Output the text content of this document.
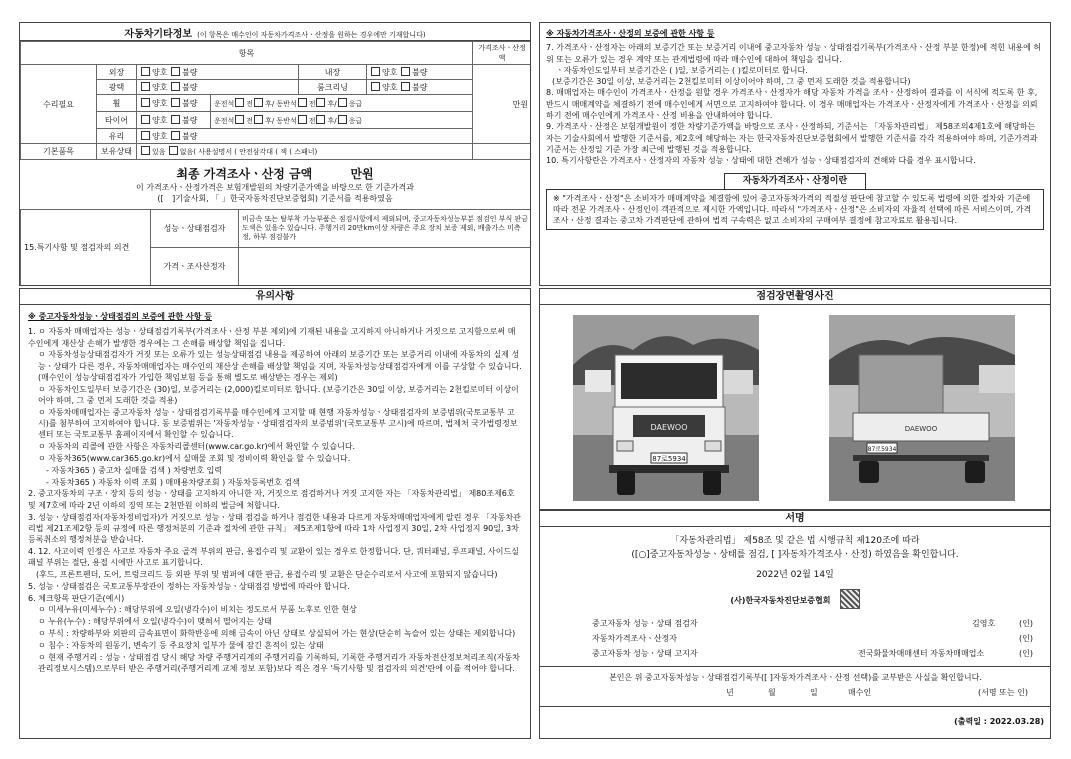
자동차기타정보 (이 항목은 매수인이 자동차가격조사ㆍ산정을 원하는 경우에만 기재합니다)
항목						가격조사ㆍ산정액
수리필요	외장	양호 불량		내장	양호 불량	만원
	광택	양호 불량		룸크리닝	양호 불량	
	휠	양호 불량	운전석 전 후/ 동반석 전 후/ 응급			
	타이어	양호 불량	운전석 전 후/ 동반석 전 후/ 응급			
	유리	양호 불량				
기본품목	보유상태	있음 없음( 사용설명서 ( 안전삼각대 ( 잭 ( 스패너)				
최종 가격조사ㆍ산정 금액	만원
이 가격조사ㆍ산정가격은 보험개발원의 차량기준가액을 바탕으로 한 기준가격과
([ ]기술사회, 「 」한국자동차진단보증협회) 기준서를 적용하였음
15.특기사항 및 점검자의 의견	성능ㆍ상태점검자	비금속 또는 탈부착 가능부품은 점검사항에서 제외되며, 중고자동차성능부분 점검인 부식 판금 도색은 있을수 있습니다. 주행거리 20만km이상 차량은 주요 장치 보증 제외, 배출가스 미측정, 하부 점검불가
	가격ㆍ조사산정자	
※ 자동차가격조사ㆍ산정의 보증에 관한 사항 등
7. 가격조사ㆍ산정자는 아래의 보증기간 또는 보증거리 이내에 중고자동차 성능ㆍ상태점검기록부(가격조사ㆍ산정 부분 한정)에 적힌 내용에 허위 또는 오류가 있는 경우 계약 또는 관계법령에 따라 매수인에 대하여 책임을 집니다.
ㆍ자동차인도일부터 보증기간은 ( )일, 보증거리는 ( )킬로미터로 합니다.
(보증기간은 30일 이상, 보증거리는 2천킬로미터 이상이어야 하며, 그 중 먼저 도래한 것을 적용합니다)
8. 매매업자는 매수인이 가격조사ㆍ산정을 원할 경우 가격조사ㆍ산정자가 해당 자동차 가격을 조사ㆍ산정하여 결과를 이 서식에 적도록 한 후, 반드시 매매계약을 체결하기 전에 매수인에게 서면으로 고지하여야 합니다. 이 경우 매매업자는 가격조사ㆍ산정자에게 가격조사ㆍ산정을 의뢰하기 전에 매수인에게 가격조사ㆍ산정 비용을 안내하여야 합니다.
9. 가격조사ㆍ산정은 보험개발원이 정한 차량기준가액을 바탕으로 조사ㆍ산정하되, 기준서는 「자동차관리법」 제58조의4제1호에 해당하는 자는 기술사회에서 발행한 기준서를, 제2호에 해당하는 자는 한국자동차진단보증협회에서 발행한 기준서를 각각 적용하여야 하며, 기준가격과 기준서는 산정일 기준 가장 최근에 발행된 것을 적용합니다.
10. 특기사항란은 가격조사ㆍ산정자의 자동차 성능ㆍ상태에 대한 견해가 성능ㆍ상태점검자의 견해와 다를 경우 표시합니다.
자동차가격조사ㆍ산정이란
※ "가격조사ㆍ산정"은 소비자가 매매계약을 체결함에 있어 중고자동차가격의 적절성 판단에 참고할 수 있도록 법령에 의한 절차와 기준에 따라 전문 가격조사ㆍ산정인이 객관적으로 제시한 가액입니다. 따라서 "가격조사ㆍ산정"은 소비자의 자율적 선택에 따른 서비스이며, 가격조사ㆍ산정 결과는 중고차 가격판단에 관하여 법적 구속력은 없고 소비자의 구매여부 결정에 참고자료로 활용됩니다.
유의사항
※ 중고자동차성능ㆍ상태점검의 보증에 관한 사항 등
1. ㅇ 자동차 매매업자는 성능ㆍ상태점검기록부(가격조사ㆍ산정 부분 제외)에 기재된 내용을 고지하지 아니하거나 거짓으로 고지함으로써 매수인에게 재산상 손해가 발생한 경우에는 그 손해를 배상할 책임을 집니다.
ㅇ 자동차성능상태점검자가 거짓 또는 오류가 있는 성능상태점검 내용을 제공하여 아래의 보증기간 또는 보증거리 이내에 자동차의 실제 성능ㆍ상태가 다른 경우, 자동차매매업자는 매수인의 재산상 손해를 배상할 책임을 지며, 자동차성능상태점검자에게 이를 구상할 수 있습니다. (매수인이 성능상태점검자가 가입한 책임보험 등을 통해 별도로 배상받는 경우는 제외)
ㅇ 자동차인도일부터 보증기간은 (30)일, 보증거리는 (2,000)킬로미터로 합니다. (보증기간은 30일 이상, 보증거리는 2천킬로미터 이상이어야 하며, 그 중 먼저 도래한 것을 적용)
ㅇ 자동차매매업자는 중고자동차 성능ㆍ상태점검기록부를 매수인에게 고지할 때 현행 자동차성능ㆍ상태점검자의 보증범위(국토교통부 고시)를 첨부하여 고지하여야 합니다. 동 보증범위는 '자동차성능ㆍ상태점검자의 보증범위'(국토교통부 고시)에 따르며, 법제처 국가법령정보센터 또는 국토교통부 홈페이지에서 확인할 수 있습니다.
ㅇ 자동차의 리콜에 관한 사항은 자동차리콜센터(www.car.go.kr)에서 확인할 수 있습니다.
ㅇ 자동차365(www.car365.go.kr)에서 실매물 조회 및 정비이력 확인을 할 수 있습니다.
- 자동차365 ) 중고차 실매물 검색 ) 차량번호 입력
- 자동차365 ) 자동차 이력 조회 ) 매매용차량조회 ) 자동차등록번호 검색
2. 중고자동차의 구조ㆍ장치 등의 성능ㆍ상태를 고지하지 아니한 자, 거짓으로 점검하거나 거짓 고지한 자는 「자동차관리법」 제80조제6호 및 제7호에 따라 2년 이하의 징역 또는 2천만원 이하의 벌금에 처합니다.
3. 성능ㆍ상태점검자(자동차정비업자)가 거짓으로 성능ㆍ상태 점검을 하거나 점검한 내용과 다르게 자동차매매업자에게 알린 경우 「자동차관리법 제21조제2항 등의 규정에 따른 행정처분의 기준과 절차에 관한 규칙」 제5조제1항에 따라 1차 사업정지 30일, 2차 사업정지 90일, 3차 등록취소의 행정처분을 받습니다.
4. 12. 사고이력 인정은 사고로 자동차 주요 골격 부위의 판금, 용접수리 및 교환이 있는 경우로 한정합니다. 단, 쿼터패널, 루프패널, 사이드실패널 부위는 절단, 용접 시에만 사고로 표기합니다.
(후드, 프론트펜더, 도어, 트렁크리드 등 외판 부위 및 범퍼에 대한 판금, 용접수리 및 교환은 단순수리로서 사고에 포함되지 않습니다)
5. 성능ㆍ상태점검은 국토교통부장관이 정하는 자동차성능ㆍ상태점검 방법에 따라야 합니다.
6. 체크항목 판단기준(예시)
ㅇ 미세누유(미세누수) : 해당부위에 오일(냉각수)이 비치는 정도로서 부품 노후로 인한 현상
ㅇ 누유(누수) : 해당부위에서 오일(냉각수)이 맺혀서 떨어지는 상태
ㅇ 부식 : 차량하부와 외판의 금속표면이 화학반응에 의해 금속이 아닌 상태로 상실되어 가는 현상(단순히 녹슬어 있는 상태는 제외합니다)
ㅇ 침수 : 자동차의 원동기, 변속기 등 주요장치 일부가 물에 잠긴 흔적이 있는 상태
ㅇ 현재 주행거리 : 성능ㆍ상태점검 당시 해당 차량 주행거리계의 주행거리를 기록하되, 기록한 주행거리가 자동차전산정보처리조직(자동차관리정보시스템)으로부터 받은 주행거리(주행거리계 교체 정보 포함)보다 적은 경우 '특기사항 및 점검자의 의견'란에 이를 적어야 합니다.
점검장면촬영사진
DAEWOO
87로5934
DAEWOO
87로5934
서명
「자동차관리법」 제58조 및 같은 법 시행규칙 제120조에 따라
([○]중고자동차성능ㆍ상태를 점검, [ ]자동차가격조사ㆍ산정) 하였음을 확인합니다.
2022년 02월 14일
(사)한국자동차진단보증협회
중고자동차 성능ㆍ상태 점검자	김영호	(인)
자동차가격조사ㆍ산정자	(인)
중고자동차 성능ㆍ상태 고지자	전국화물차매매센터 자동차매매업소	(인)
본인은 위 중고자동차성능ㆍ상태점검기록부([ ]자동차가격조사ㆍ산정 선택)를 교부받은 사실을 확인합니다.
년	월	일	매수인	(서명 또는 인)
(출력일 : 2022.03.28)
